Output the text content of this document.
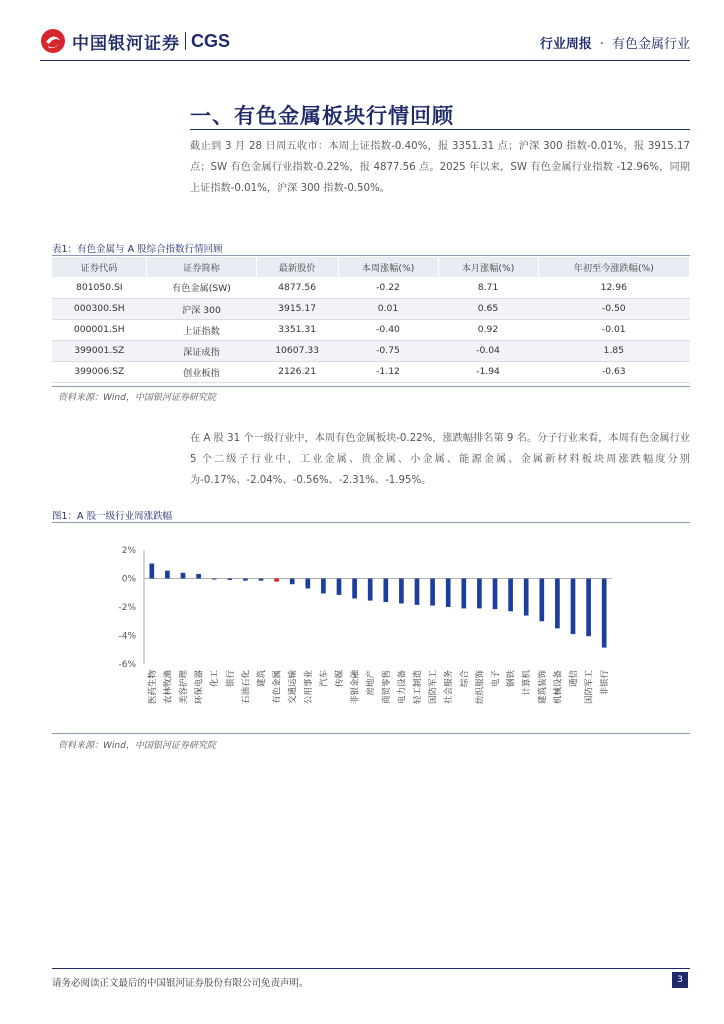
中国银河证券 CGS	行业周报 · 有色金属行业
一、有色金属板块行情回顾

截止到 3 月 28 日周五收市：本周上证指数-0.40%，报 3351.31 点；沪深 300 指数-0.01%，报 3915.17 点；SW 有色金属行业指数-0.22%，报 4877.56 点。2025 年以来，SW 有色金属行业指数 -12.96%，同期上证指数-0.01%，沪深 300 指数-0.50%。

表1：有色金属与 A 股综合指数行情回顾
证券代码	证券简称	最新股价	本周涨幅(%)	本月涨幅(%)	年初至今涨跌幅(%)
801050.SI	有色金属(SW)	4877.56	-0.22	8.71	12.96
000300.SH	沪深 300	3915.17	0.01	0.65	-0.50
000001.SH	上证指数	3351.31	-0.40	0.92	-0.01
399001.SZ	深证成指	10607.33	-0.75	-0.04	1.85
399006.SZ	创业板指	2126.21	-1.12	-1.94	-0.63
资料来源：Wind，中国银河证券研究院

在 A 股 31 个一级行业中，本周有色金属板块-0.22%，涨跌幅排名第 9 名。分子行业来看，本周有色金属行业 5 个二级子行业中，工业金属、贵金属、小金属、能源金属、金属新材料板块周涨跌幅度分别为-0.17%、-2.04%、-0.56%、-2.31%、-1.95%。

图1：A 股一级行业周涨跌幅
2%
0%
-2%
-4%
-6%
医药生物 农林牧渔 美容护理 环保电器 化工 银行 石油石化 建筑 有色金属 交通运输 公用事业 汽车 传媒 非银金融 房地产 商贸零售 电力设备 轻工制造 国防军工 社会服务 综合 纺织服饰 电子 钢铁 计算机 建筑装饰 机械设备 通信 国防军工 非银行
资料来源：Wind，中国银河证券研究院
请务必阅读正文最后的中国银河证券股份有限公司免责声明。	3
